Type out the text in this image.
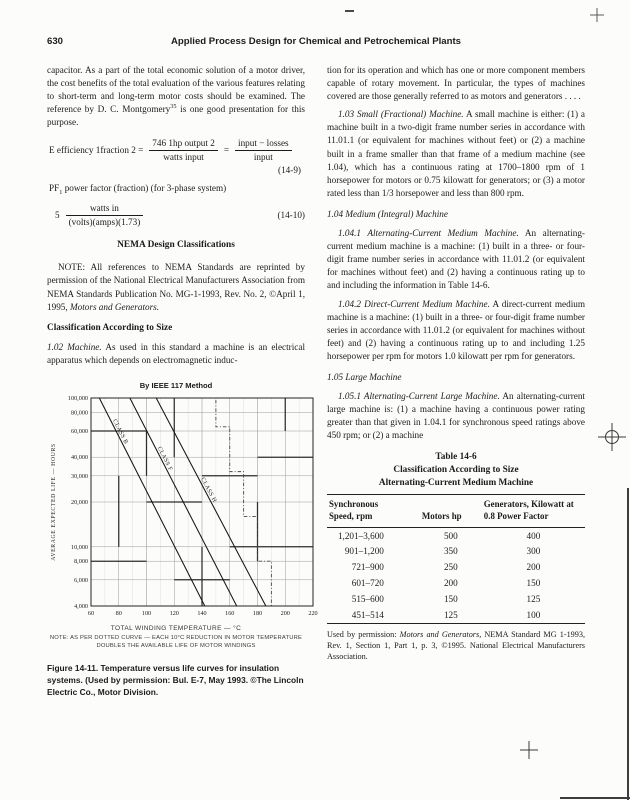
630	Applied Process Design for Chemical and Petrochemical Plants

capacitor. As a part of the total economic solution of a motor driver, the cost benefits of the total evaluation of the various features relating to short-term and long-term motor costs should be examined. The reference by D. C. Montgomery$^{35}$ is one good presentation for this purpose.

E efficiency 1fraction $2 = \frac{\text{746 1hp output 2}}{\text{watts input}} = \frac{\text{input − losses}}{\text{input}}$
(14-9)
$PF_1$ power factor (fraction) (for 3-phase system)
$5 \frac{\text{watts in}}{\text{(volts)(amps)(1.73)}}$	(14-10)
NEMA Design Classifications

NOTE: All references to NEMA Standards are reprinted by permission of the National Electrical Manufacturers Association from NEMA Standards Publication No. MG-1-1993, Rev. No. 2, ©April 1, 1995, Motors and Generators.

Classification According to Size

1.02 Machine. As used in this standard a machine is an electrical apparatus which depends on electromagnetic induc-

By IEEE 117 Method
CLASS B
CLASS F
CLASS H
100,000
80,000
60,000
40,000
30,000
20,000
10,000
8,000
6,000
4,000
60	80	100	120	140	160	180	200	220
AVERAGE EXPECTED LIFE — HOURS
TOTAL WINDING TEMPERATURE — °C
NOTE: AS PER DOTTED CURVE — EACH 10°C REDUCTION IN MOTOR TEMPERATURE
DOUBLES THE AVAILABLE LIFE OF MOTOR WINDINGS

Figure 14-11. Temperature versus life curves for insulation systems. (Used by permission: Bul. E-7, May 1993. ©The Lincoln Electric Co., Motor Division.

tion for its operation and which has one or more component members capable of rotary movement. In particular, the types of machines covered are those generally referred to as motors and generators . . . .

1.03 Small (Fractional) Machine. A small machine is either: (1) a machine built in a two-digit frame number series in accordance with 11.01.1 (or equivalent for machines without feet) or (2) a machine built in a frame smaller than that frame of a medium machine (see 1.04), which has a continuous rating at 1700–1800 rpm of 1 horsepower for motors or 0.75 kilowatt for generators; or (3) a motor rated less than 1/3 horsepower and less than 800 rpm.

1.04 Medium (Integral) Machine

1.04.1 Alternating-Current Medium Machine. An alternating-current medium machine is a machine: (1) built in a three- or four-digit frame number series in accordance with 11.01.2 (or equivalent for machines without feet) and (2) having a continuous rating up to and including the information in Table 14-6.

1.04.2 Direct-Current Medium Machine. A direct-current medium machine is a machine: (1) built in a three- or four-digit frame number series in accordance with 11.01.2 (or equivalent for machines without feet) and (2) having a continuous rating up to and including 1.25 horsepower per rpm for motors 1.0 kilowatt per rpm for generators.

1.05 Large Machine

1.05.1 Alternating-Current Large Machine. An alternating-current large machine is: (1) a machine having a continuous power rating greater than that given in 1.04.1 for synchronous speed ratings above 450 rpm; or (2) a machine

Table 14-6
Classification According to Size
Alternating-Current Medium Machine
Synchronous
Speed, rpm	Motors hp	
Generators, Kilowatt at
0.8 Power Factor

1,201–3,600	500	400
901–1,200	350	300
721–900	250	200
601–720	200	150
515–600	150	125
451–514	125	100

Used by permission: Motors and Generators, NEMA Standard MG 1-1993, Rev. 1, Section 1, Part 1, p. 3, ©1995. National Electrical Manufacturers Association.
